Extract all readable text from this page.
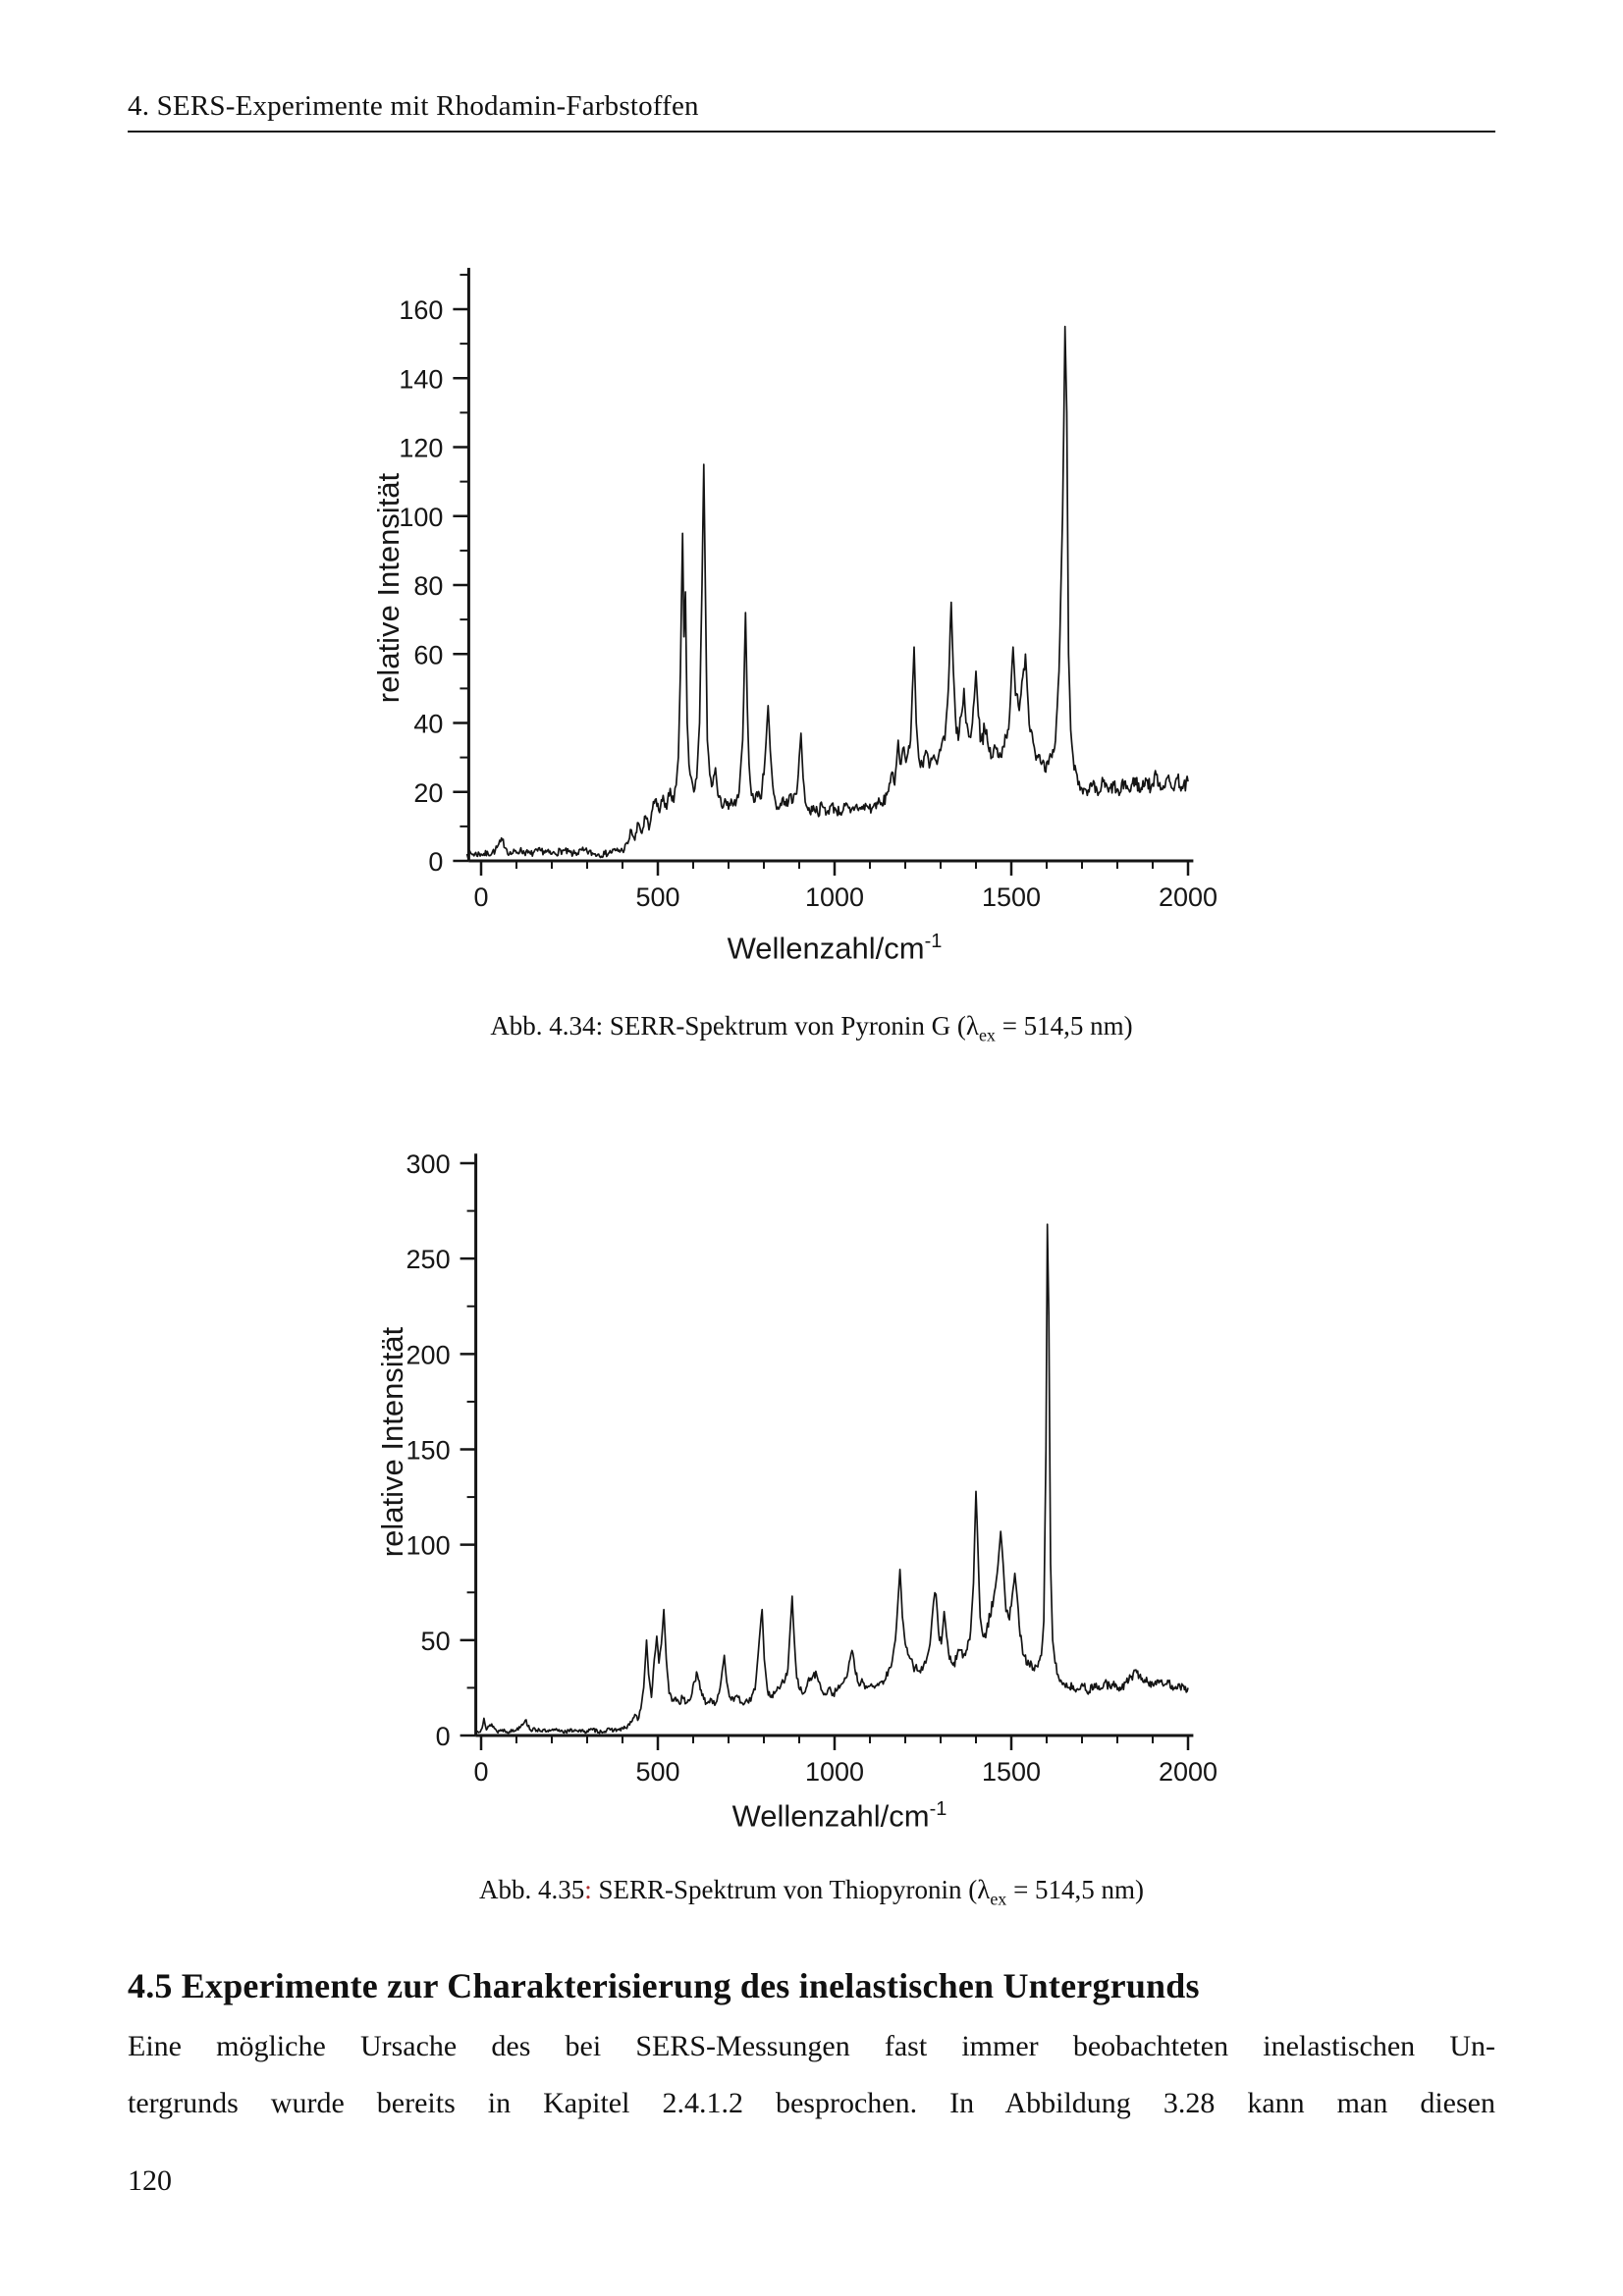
4. SERS-Experimente mit Rhodamin-Farbstoffen
0	500	1000	1500	2000
0
20
40
60
80
100
120
140
160
relative Intensität
Wellenzahl/$cm^{-1}$
Abb. 4.34: SERR-Spektrum von Pyronin G ($\lambda_{ex} = 514,5$ nm)
0	500	1000	1500	2000
0
50
100
150
200
250
300
relative Intensität
Wellenzahl/$cm^{-1}$
Abb. 4.35: SERR-Spektrum von Thiopyronin ($\lambda_{ex} = 514,5$ nm)
4.5 Experimente zur Charakterisierung des inelastischen Untergrunds
Eine mögliche Ursache des bei SERS-Messungen fast immer beobachteten inelastischen Un-
tergrunds wurde bereits in Kapitel 2.4.1.2 besprochen. In Abbildung 3.28 kann man diesen
120
